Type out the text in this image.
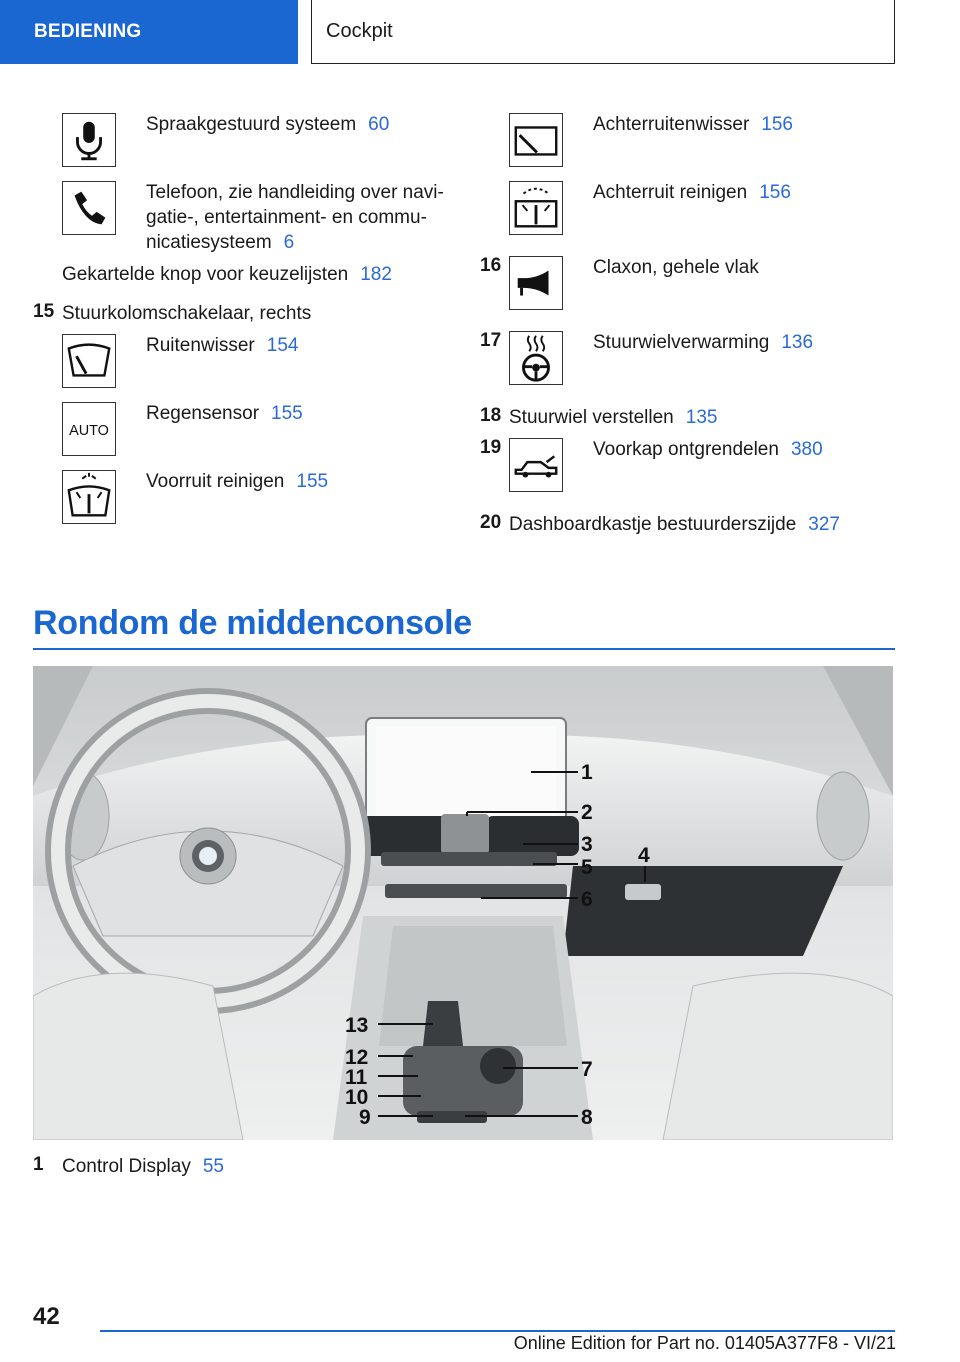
BEDIENING	Cockpit
Spraakgestuurd systeem 60
Telefoon, zie handleiding over navi-
gatie-, entertainment- en commu-
nicatiesysteem 6
Gekartelde knop voor keuzelijsten 182
15 Stuurkolomschakelaar, rechts
Ruitenwisser 154
AUTO
Regensensor 155
Voorruit reinigen 155
Achterruitenwisser 156
Achterruit reinigen 156
16	Claxon, gehele vlak
17	Stuurwielverwarming 136
18 Stuurwiel verstellen 135
19	Voorkap ontgrendelen 380
20 Dashboardkastje bestuurderszijde 327
Rondom de middenconsole
1
2
3 4
5
6
7
8
9
10
11
12
13
1 Control Display 55
42
Online Edition for Part no. 01405A377F8 - VI/21
